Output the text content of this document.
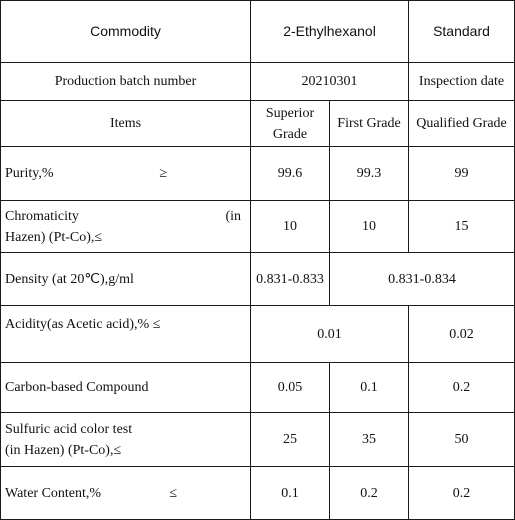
Commodity	2-Ethylhexanol		Standard
Production batch number	20210301		Inspection date
Items	Superior Grade	First Grade	Qualified Grade
Purity,% ≥	99.6	99.3	99
Chromaticity (in

Hazen) (Pt-Co),≤	10	10	15
Density (at 20℃),g/ml	0.831-0.833	0.831-0.834	
Acidity(as Acetic acid),% ≤	0.01		0.02
Carbon-based Compound	0.05	0.1	0.2
Sulfuric acid color test
(in Hazen) (Pt-Co),≤	25	35	50
Water Content,% ≤	0.1	0.2	0.2
